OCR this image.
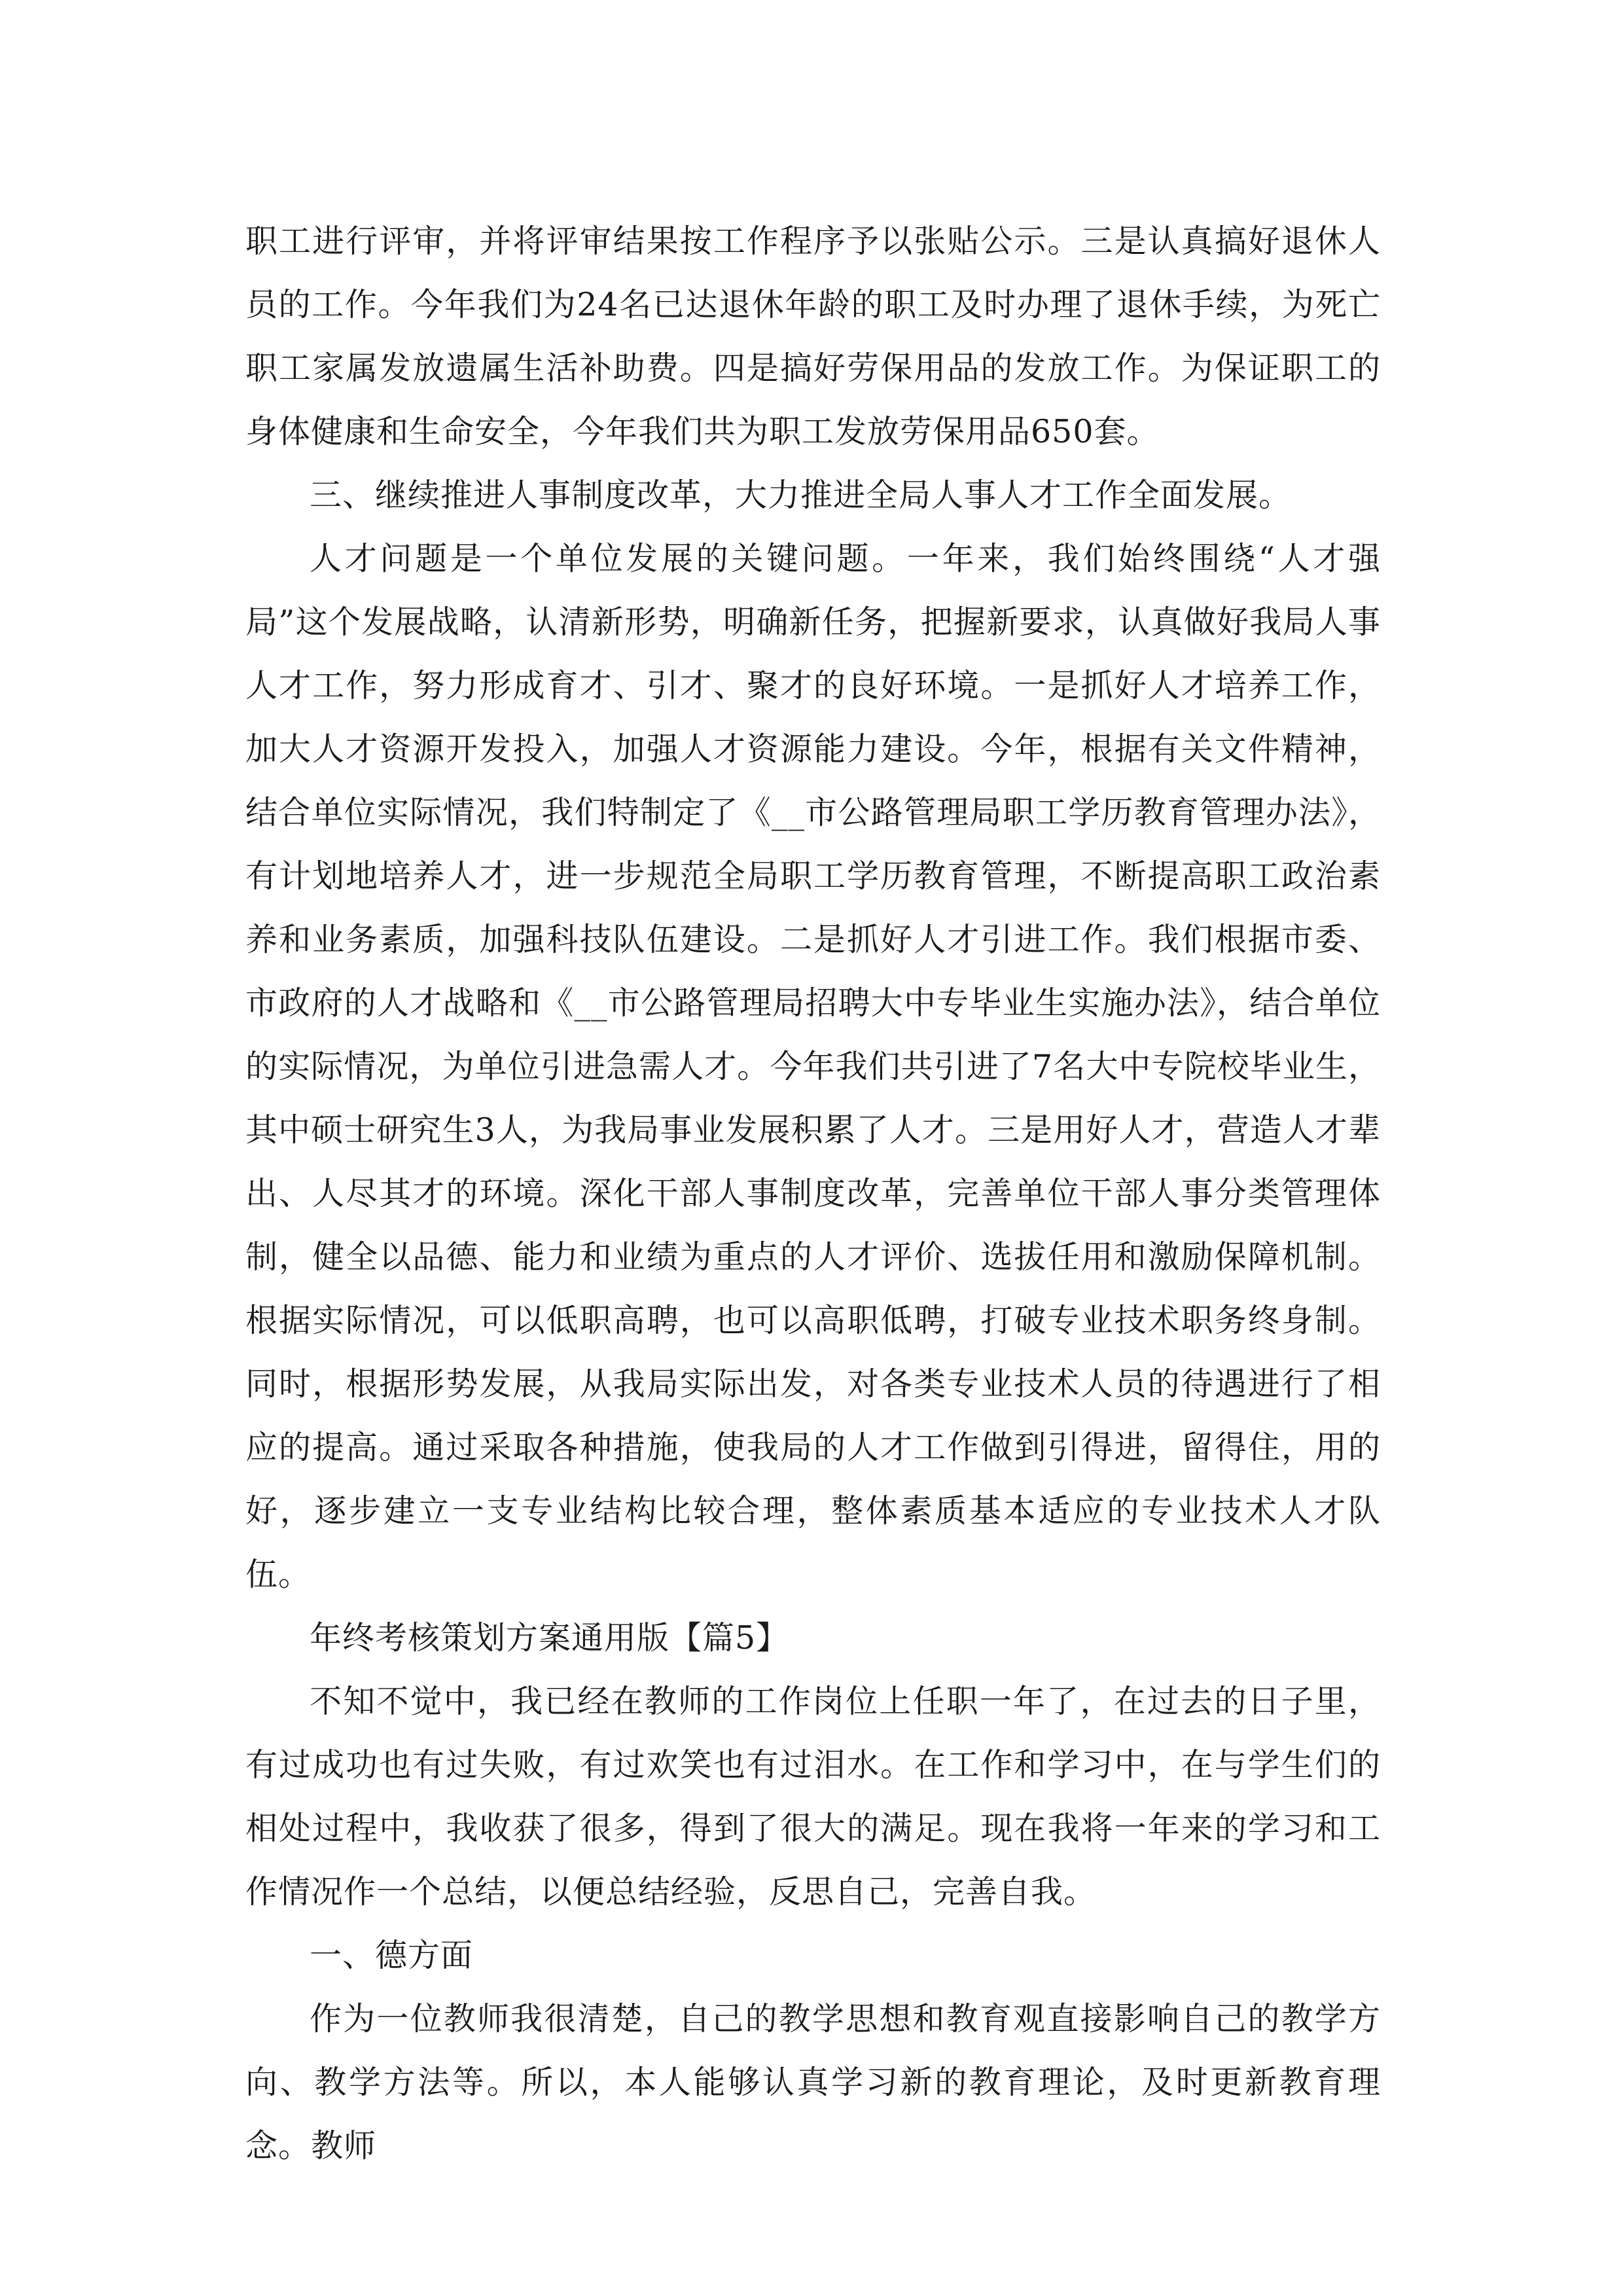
职工进行评审，并将评审结果按工作程序予以张贴公示。三是认真搞好退休人员的工作。今年我们为24名已达退休年龄的职工及时办理了退休手续，为死亡职工家属发放遗属生活补助费。四是搞好劳保用品的发放工作。为保证职工的身体健康和生命安全，今年我们共为职工发放劳保用品650套。

三、继续推进人事制度改革，大力推进全局人事人才工作全面发展。

人才问题是一个单位发展的关键问题。一年来，我们始终围绕“人才强局”这个发展战略，认清新形势，明确新任务，把握新要求，认真做好我局人事人才工作，努力形成育才、引才、聚才的良好环境。一是抓好人才培养工作，加大人才资源开发投入，加强人才资源能力建设。今年，根据有关文件精神，结合单位实际情况，我们特制定了《__市公路管理局职工学历教育管理办法》，有计划地培养人才，进一步规范全局职工学历教育管理，不断提高职工政治素养和业务素质，加强科技队伍建设。二是抓好人才引进工作。我们根据市委、市政府的人才战略和《__市公路管理局招聘大中专毕业生实施办法》，结合单位的实际情况，为单位引进急需人才。今年我们共引进了7名大中专院校毕业生，其中硕士研究生3人，为我局事业发展积累了人才。三是用好人才，营造人才辈出、人尽其才的环境。深化干部人事制度改革，完善单位干部人事分类管理体制，健全以品德、能力和业绩为重点的人才评价、选拔任用和激励保障机制。根据实际情况，可以低职高聘，也可以高职低聘，打破专业技术职务终身制。同时，根据形势发展，从我局实际出发，对各类专业技术人员的待遇进行了相应的提高。通过采取各种措施，使我局的人才工作做到引得进，留得住，用的好，逐步建立一支专业结构比较合理，整体素质基本适应的专业技术人才队伍。

年终考核策划方案通用版【篇5】

不知不觉中，我已经在教师的工作岗位上任职一年了，在过去的日子里，有过成功也有过失败，有过欢笑也有过泪水。在工作和学习中，在与学生们的相处过程中，我收获了很多，得到了很大的满足。现在我将一年来的学习和工作情况作一个总结，以便总结经验，反思自己，完善自我。

一、德方面

作为一位教师我很清楚，自己的教学思想和教育观直接影响自己的教学方向、教学方法等。所以，本人能够认真学习新的教育理论，及时更新教育理念。教师
